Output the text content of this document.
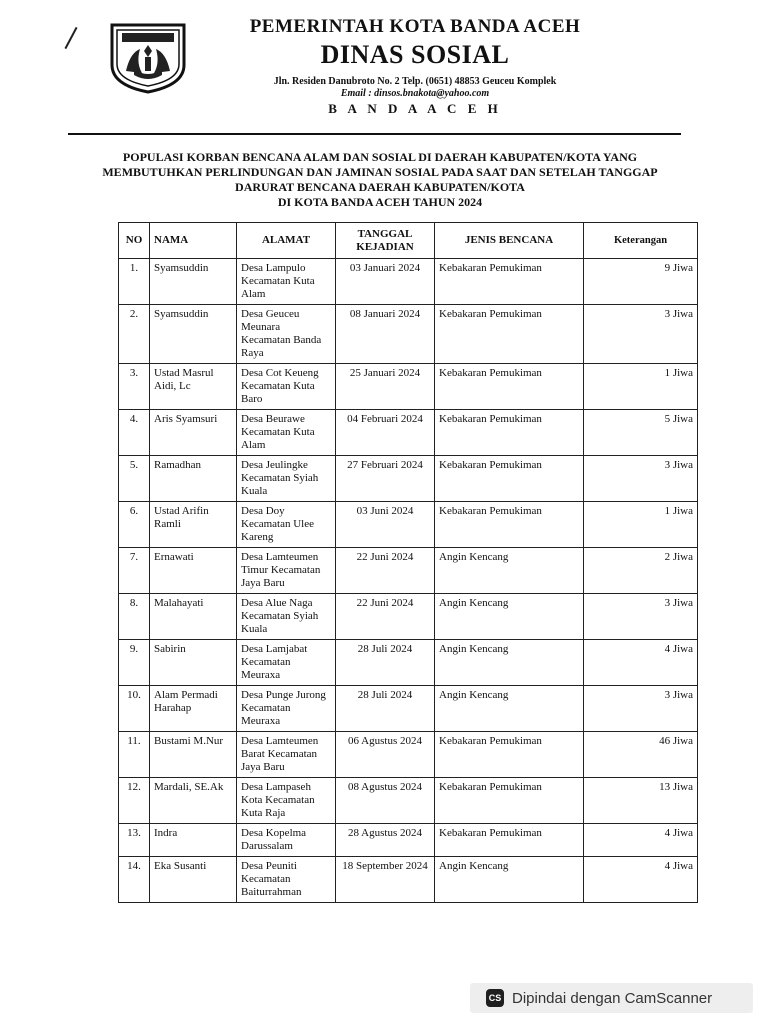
PEMERINTAH KOTA BANDA ACEH
DINAS SOSIAL
Jln. Residen Danubroto No. 2 Telp. (0651) 48853 Geuceu Komplek
Email : dinsos.bnakota@yahoo.com
B A N D A A C E H
POPULASI KORBAN BENCANA ALAM DAN SOSIAL DI DAERAH KABUPATEN/KOTA YANG
MEMBUTUHKAN PERLINDUNGAN DAN JAMINAN SOSIAL PADA SAAT DAN SETELAH TANGGAP
DARURAT BENCANA DAERAH KABUPATEN/KOTA
DI KOTA BANDA ACEH TAHUN 2024
NO	NAMA	ALAMAT	TANGGAL KEJADIAN	JENIS BENCANA	Keterangan
1.	Syamsuddin	Desa Lampulo Kecamatan Kuta Alam	03 Januari 2024	Kebakaran Pemukiman	9 Jiwa
2.	Syamsuddin	Desa Geuceu Meunara Kecamatan Banda Raya	08 Januari 2024	Kebakaran Pemukiman	3 Jiwa
3.	Ustad Masrul Aidi, Lc	Desa Cot Keueng Kecamatan Kuta Baro	25 Januari 2024	Kebakaran Pemukiman	1 Jiwa
4.	Aris Syamsuri	Desa Beurawe Kecamatan Kuta Alam	04 Februari 2024	Kebakaran Pemukiman	5 Jiwa
5.	Ramadhan	Desa Jeulingke Kecamatan Syiah Kuala	27 Februari 2024	Kebakaran Pemukiman	3 Jiwa
6.	Ustad Arifin Ramli	Desa Doy Kecamatan Ulee Kareng	03 Juni 2024	Kebakaran Pemukiman	1 Jiwa
7.	Ernawati	Desa Lamteumen Timur Kecamatan Jaya Baru	22 Juni 2024	Angin Kencang	2 Jiwa
8.	Malahayati	Desa Alue Naga Kecamatan Syiah Kuala	22 Juni 2024	Angin Kencang	3 Jiwa
9.	Sabirin	Desa Lamjabat Kecamatan Meuraxa	28 Juli 2024	Angin Kencang	4 Jiwa
10.	Alam Permadi Harahap	Desa Punge Jurong Kecamatan Meuraxa	28 Juli 2024	Angin Kencang	3 Jiwa
11.	Bustami M.Nur	Desa Lamteumen Barat Kecamatan Jaya Baru	06 Agustus 2024	Kebakaran Pemukiman	46 Jiwa
12.	Mardali, SE.Ak	Desa Lampaseh Kota Kecamatan Kuta Raja	08 Agustus 2024	Kebakaran Pemukiman	13 Jiwa
13.	Indra	Desa Kopelma Darussalam	28 Agustus 2024	Kebakaran Pemukiman	4 Jiwa
14.	Eka Susanti	Desa Peuniti Kecamatan Baiturrahman	18 September 2024	Angin Kencang	4 Jiwa
CS Dipindai dengan CamScanner
